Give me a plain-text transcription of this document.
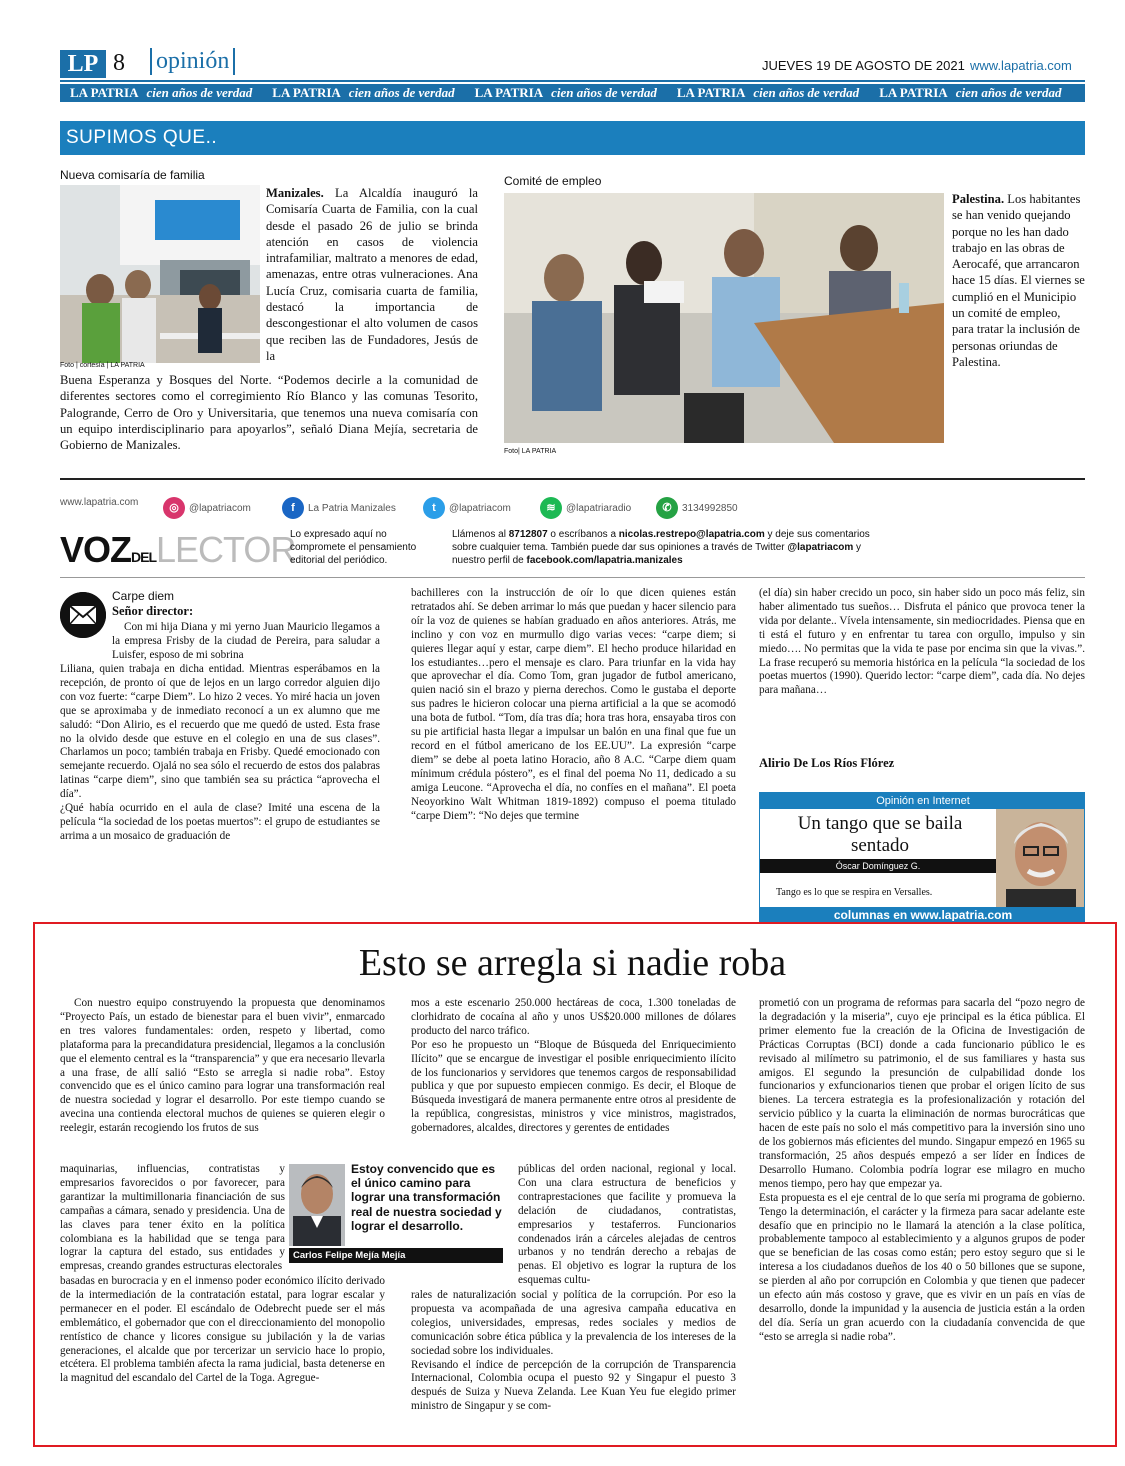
LP 8 opinión	JUEVES 19 DE AGOSTO DE 2021 www.lapatria.com
LA PATRIA cien años de verdad LA PATRIA cien años de verdad LA PATRIA cien años de verdad LA PATRIA cien años de verdad LA PATRIA cien años de verdad
SUPIMOS QUE..
Nueva comisaría de familia
Foto | cortesía | LA PATRIA
Manizales. La Alcaldía inauguró la Comisaría Cuarta de Familia, con la cual desde el pasado 26 de julio se brinda atención en casos de violencia intrafamiliar, maltrato a menores de edad, amenazas, entre otras vulneraciones. Ana Lucía Cruz, comisaria cuarta de familia, destacó la importancia de descongestionar el alto volumen de casos que reciben las de Fundadores, Jesús de la
Buena Esperanza y Bosques del Norte. “Podemos decirle a la comunidad de diferentes sectores como el corregimiento Río Blanco y las comunas Tesorito, Palogrande, Cerro de Oro y Universitaria, que tenemos una nueva comisaría con un equipo interdisciplinario para apoyarlos”, señaló Diana Mejía, secretaria de Gobierno de Manizales.
Comité de empleo
Foto| LA PATRIA
Palestina. Los habitantes se han venido quejando porque no les han dado trabajo en las obras de Aerocafé, que arrancaron hace 15 días. El viernes se cumplió en el Municipio un comité de empleo, para tratar la inclusión de personas oriundas de Palestina.
www.lapatria.com	◎	@lapatriacom	f	La Patria Manizales	t	@lapatriacom	≋	@lapatriaradio	✆	3134992850
VOZDELLECTOR
Lo expresado aquí no compromete el pensamiento editorial del periódico.
Llámenos al 8712807 o escríbanos a nicolas.restrepo@lapatria.com y deje sus comentarios sobre cualquier tema. También puede dar sus opiniones a través de Twitter @lapatriacom y nuestro perfil de facebook.com/lapatria.manizales
Carpe diem
Señor director:
Con mi hija Diana y mi yerno Juan Mauricio llegamos a la empresa Frisby de la ciudad de Pereira, para saludar a Luisfer, esposo de mi sobrina
Liliana, quien trabaja en dicha entidad. Mientras esperábamos en la recepción, de pronto oí que de lejos en un largo corredor alguien dijo con voz fuerte: “carpe Diem”. Lo hizo 2 veces. Yo miré hacia un joven que se aproximaba y de inmediato reconocí a un ex alumno que me saludó: “Don Alirio, es el recuerdo que me quedó de usted. Esta frase no la olvido desde que estuve en el colegio en una de sus clases”. Charlamos un poco; también trabaja en Frisby. Quedé emocionado con semejante recuerdo. Ojalá no sea sólo el recuerdo de estos dos palabras latinas “carpe diem”, sino que también sea su práctica “aprovecha el día”.
¿Qué había ocurrido en el aula de clase? Imité una escena de la película “la sociedad de los poetas muertos”: el grupo de estudiantes se arrima a un mosaico de graduación de
bachilleres con la instrucción de oír lo que dicen quienes están retratados ahí. Se deben arrimar lo más que puedan y hacer silencio para oír la voz de quienes se habían graduado en años anteriores. Atrás, me inclino y con voz en murmullo digo varias veces: “carpe diem; si quieres llegar aquí y estar, carpe diem”. El hecho produce hilaridad en los estudiantes…pero el mensaje es claro. Para triunfar en la vida hay que aprovechar el día. Como Tom, gran jugador de futbol americano, quien nació sin el brazo y pierna derechos. Como le gustaba el deporte sus padres le hicieron colocar una pierna artificial a la que se acomodó una bota de futbol. “Tom, día tras día; hora tras hora, ensayaba tiros con su pie artificial hasta llegar a impulsar un balón en una final que fue un record en el fútbol americano de los EE.UU”. La expresión “carpe diem” se debe al poeta latino Horacio, año 8 A.C. “Carpe diem quam mínimum crédula póstero”, es el final del poema No 11, dedicado a su amiga Leucone. “Aprovecha el día, no confíes en el mañana”. El poeta Neoyorkino Walt Whitman 1819-1892) compuso el poema titulado “carpe Diem”: “No dejes que termine
(el día) sin haber crecido un poco, sin haber sido un poco más feliz, sin haber alimentado tus sueños… Disfruta el pánico que provoca tener la vida por delante.. Vívela intensamente, sin mediocridades. Piensa que en ti está el futuro y en enfrentar tu tarea con orgullo, impulso y sin miedo…. No permitas que la vida te pase por encima sin que la vivas.”. La frase recuperó su memoria histórica en la película “la sociedad de los poetas muertos (1990). Querido lector: “carpe diem”, cada día. No dejes para mañana…
Alirio De Los Ríos Flórez
Opinión en Internet
Un tango que se baila sentado
Óscar Domínguez G.
Tango es lo que se respira en Versalles.
columnas en www.lapatria.com
Esto se arregla si nadie roba
Con nuestro equipo construyendo la propuesta que denominamos “Proyecto País, un estado de bienestar para el buen vivir”, enmarcado en tres valores fundamentales: orden, respeto y libertad, como plataforma para la precandidatura presidencial, llegamos a la conclusión que el elemento central es la “transparencia” y que era necesario llevarla a una frase, de allí salió “Esto se arregla si nadie roba”. Estoy convencido que es el único camino para lograr una transformación real de nuestra sociedad y lograr el desarrollo. Por este tiempo cuando se avecina una contienda electoral muchos de quienes se quieren elegir o reelegir, estarán recogiendo los frutos de sus
maquinarias, influencias, contratistas y empresarios favorecidos o por favorecer, para garantizar la multimillonaria financiación de sus campañas a cámara, senado y presidencia. Una de las claves para tener éxito en la política colombiana es la habilidad que se tenga para lograr la captura del estado, sus entidades y empresas, creando grandes estructuras electorales
basadas en burocracia y en el inmenso poder económico ilícito derivado de la intermediación de la contratación estatal, para lograr escalar y permanecer en el poder. El escándalo de Odebrecht puede ser el más emblemático, el gobernador que con el direccionamiento del monopolio rentístico de chance y licores consigue su jubilación y la de varias generaciones, el alcalde que por tercerizar un servicio hace lo propio, etcétera. El problema también afecta la rama judicial, basta detenerse en la magnitud del escandalo del Cartel de la Toga. Agregue-
mos a este escenario 250.000 hectáreas de coca, 1.300 toneladas de clorhidrato de cocaína al año y unos US$20.000 millones de dólares producto del narco tráfico.
Por eso he propuesto un “Bloque de Búsqueda del Enriquecimiento Ilícito” que se encargue de investigar el posible enriquecimiento ilícito de los funcionarios y servidores que tenemos cargos de responsabilidad publica y que por supuesto empiecen conmigo. Es decir, el Bloque de Búsqueda investigará de manera permanente entre otros al presidente de la república, congresistas, ministros y vice ministros, magistrados, gobernadores, alcaldes, directores y gerentes de entidades
públicas del orden nacional, regional y local. Con una clara estructura de beneficios y contraprestaciones que facilite y promueva la delación de ciudadanos, contratistas, empresarios y testaferros. Funcionarios condenados irán a cárceles alejadas de centros urbanos y no tendrán derecho a rebajas de penas. El objetivo es lograr la ruptura de los esquemas cultu-
rales de naturalización social y política de la corrupción. Por eso la propuesta va acompañada de una agresiva campaña educativa en colegios, universidades, empresas, redes sociales y medios de comunicación sobre ética pública y la prevalencia de los intereses de la sociedad sobre los individuales.
Revisando el índice de percepción de la corrupción de Transparencia Internacional, Colombia ocupa el puesto 92 y Singapur el puesto 3 después de Suiza y Nueva Zelanda. Lee Kuan Yeu fue elegido primer ministro de Singapur y se com-
prometió con un programa de reformas para sacarla del “pozo negro de la degradación y la miseria”, cuyo eje principal es la ética pública. El primer elemento fue la creación de la Oficina de Investigación de Prácticas Corruptas (BCI) donde a cada funcionario público le es revisado al milímetro su patrimonio, el de sus familiares y hasta sus amigos. El segundo la presunción de culpabilidad donde los funcionarios y exfuncionarios tienen que probar el origen lícito de sus bienes. La tercera estrategia es la profesionalización y rotación del servicio público y la cuarta la eliminación de normas burocráticas que hacen de este país no solo el más competitivo para la inversión sino uno de los gobiernos más eficientes del mundo. Singapur empezó en 1965 su transformación, 25 años después empezó a ser líder en Índices de Desarrollo Humano. Colombia podría lograr ese milagro en mucho menos tiempo, pero hay que empezar ya.
Esta propuesta es el eje central de lo que sería mi programa de gobierno. Tengo la determinación, el carácter y la firmeza para sacar adelante este desafío que en principio no le llamará la atención a la clase política, probablemente tampoco al establecimiento y a algunos grupos de poder que se benefician de las cosas como están; pero estoy seguro que si le interesa a los ciudadanos dueños de los 40 o 50 billones que se supone, se pierden al año por corrupción en Colombia y que tienen que padecer un efecto aún más costoso y grave, que es vivir en un país en vías de desarrollo, donde la impunidad y la ausencia de justicia están a la orden del día. Sería un gran acuerdo con la ciudadanía convencida de que “esto se arregla si nadie roba”.
Estoy convencido que es el único camino para lograr una transformación real de nuestra sociedad y lograr el desarrollo.
Carlos Felipe Mejía Mejía
